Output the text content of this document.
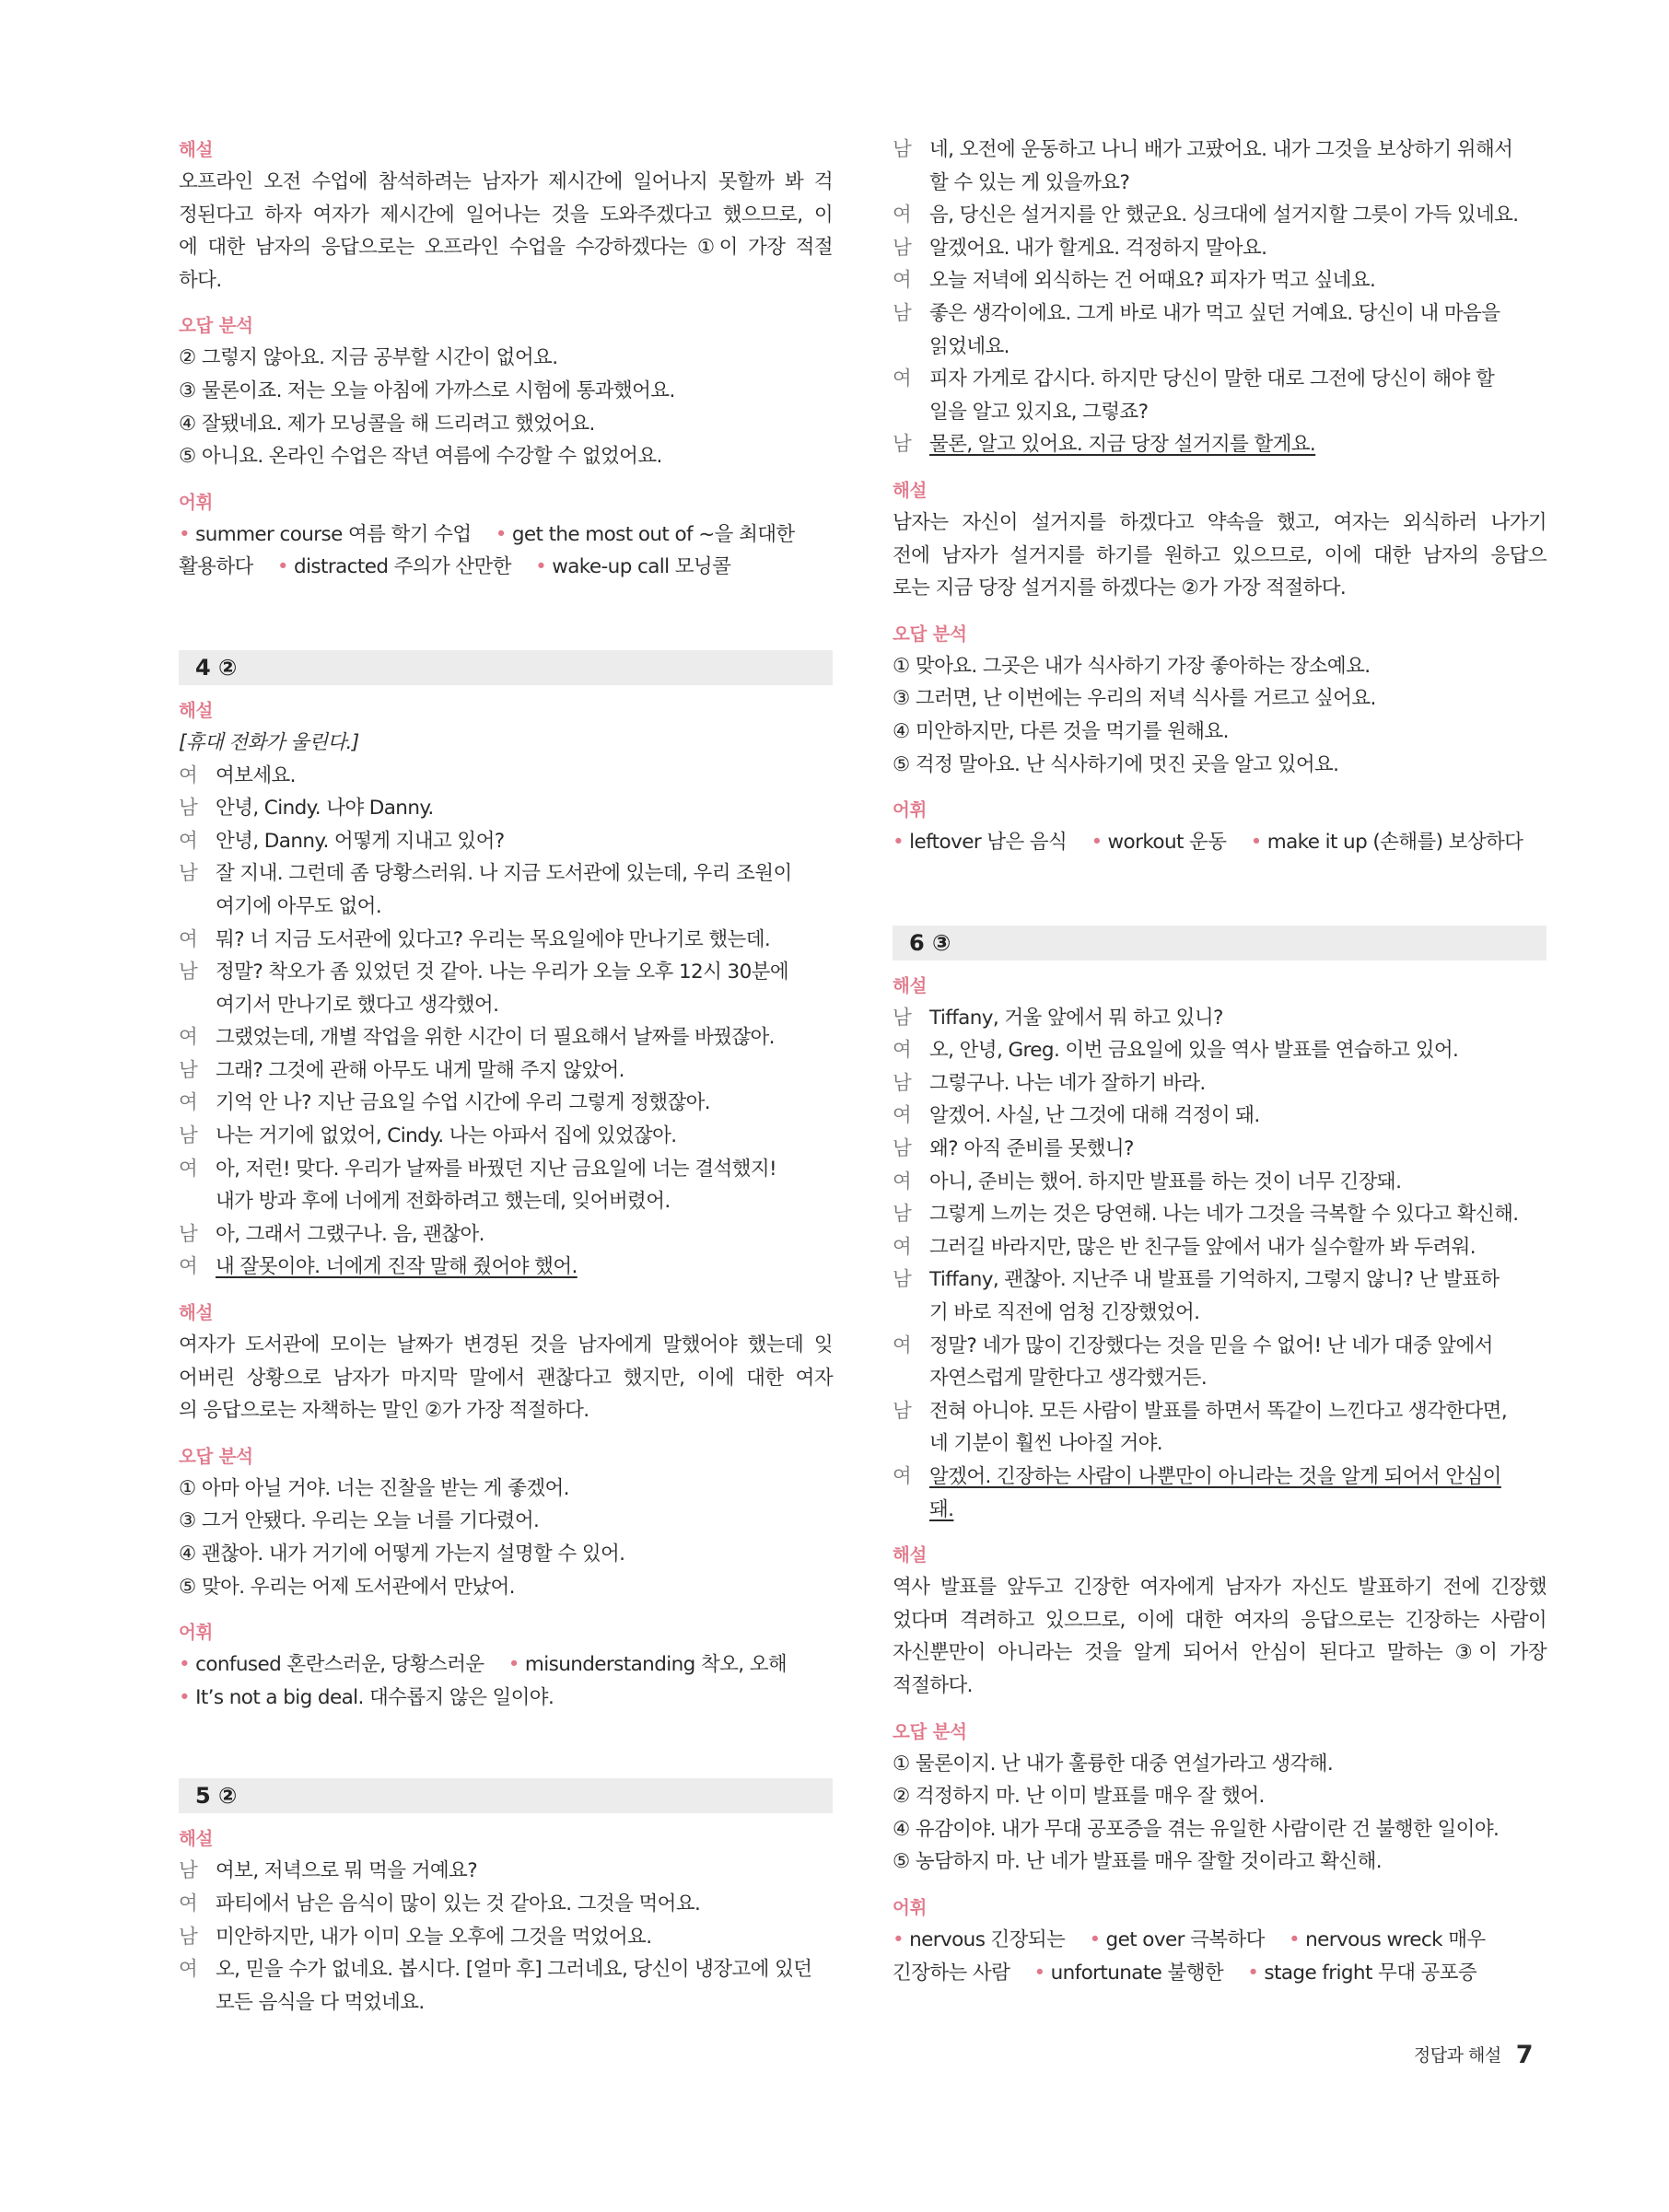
해설

오프라인 오전 수업에 참석하려는 남자가 제시간에 일어나지 못할까 봐 걱

정된다고 하자 여자가 제시간에 일어나는 것을 도와주겠다고 했으므로, 이

에 대한 남자의 응답으로는 오프라인 수업을 수강하겠다는 ①이 가장 적절

하다.

오답 분석

② 그렇지 않아요. 지금 공부할 시간이 없어요.

③ 물론이죠. 저는 오늘 아침에 가까스로 시험에 통과했어요.

④ 잘됐네요. 제가 모닝콜을 해 드리려고 했었어요.

⑤ 아니요. 온라인 수업은 작년 여름에 수강할 수 없었어요.

어휘

• summer course 여름 학기 수업 • get the most out of ~을 최대한

활용하다 • distracted 주의가 산만한 • wake-up call 모닝콜

4 ②
해설

[휴대 전화가 울린다.]

여 여보세요.
남 안녕, Cindy. 나야 Danny.
여 안녕, Danny. 어떻게 지내고 있어?
남 잘 지내. 그런데 좀 당황스러워. 나 지금 도서관에 있는데, 우리 조원이
여기에 아무도 없어.
여 뭐? 너 지금 도서관에 있다고? 우리는 목요일에야 만나기로 했는데.
남 정말? 착오가 좀 있었던 것 같아. 나는 우리가 오늘 오후 12시 30분에
여기서 만나기로 했다고 생각했어.
여 그랬었는데, 개별 작업을 위한 시간이 더 필요해서 날짜를 바꿨잖아.
남 그래? 그것에 관해 아무도 내게 말해 주지 않았어.
여 기억 안 나? 지난 금요일 수업 시간에 우리 그렇게 정했잖아.
남 나는 거기에 없었어, Cindy. 나는 아파서 집에 있었잖아.
여 아, 저런! 맞다. 우리가 날짜를 바꿨던 지난 금요일에 너는 결석했지!
내가 방과 후에 너에게 전화하려고 했는데, 잊어버렸어.
남 아, 그래서 그랬구나. 음, 괜찮아.
여 내 잘못이야. 너에게 진작 말해 줬어야 했어.
해설

여자가 도서관에 모이는 날짜가 변경된 것을 남자에게 말했어야 했는데 잊

어버린 상황으로 남자가 마지막 말에서 괜찮다고 했지만, 이에 대한 여자

의 응답으로는 자책하는 말인 ②가 가장 적절하다.

오답 분석

① 아마 아닐 거야. 너는 진찰을 받는 게 좋겠어.

③ 그거 안됐다. 우리는 오늘 너를 기다렸어.

④ 괜찮아. 내가 거기에 어떻게 가는지 설명할 수 있어.

⑤ 맞아. 우리는 어제 도서관에서 만났어.

어휘

• confused 혼란스러운, 당황스러운 • misunderstanding 착오, 오해

• It’s not a big deal. 대수롭지 않은 일이야.

5 ②
해설
남 여보, 저녁으로 뭐 먹을 거예요?
여 파티에서 남은 음식이 많이 있는 것 같아요. 그것을 먹어요.
남 미안하지만, 내가 이미 오늘 오후에 그것을 먹었어요.
여 오, 믿을 수가 없네요. 봅시다. [얼마 후] 그러네요, 당신이 냉장고에 있던
모든 음식을 다 먹었네요.
남 네, 오전에 운동하고 나니 배가 고팠어요. 내가 그것을 보상하기 위해서
할 수 있는 게 있을까요?
여 음, 당신은 설거지를 안 했군요. 싱크대에 설거지할 그릇이 가득 있네요.
남 알겠어요. 내가 할게요. 걱정하지 말아요.
여 오늘 저녁에 외식하는 건 어때요? 피자가 먹고 싶네요.
남 좋은 생각이에요. 그게 바로 내가 먹고 싶던 거예요. 당신이 내 마음을
읽었네요.
여 피자 가게로 갑시다. 하지만 당신이 말한 대로 그전에 당신이 해야 할
일을 알고 있지요, 그렇죠?
남 물론, 알고 있어요. 지금 당장 설거지를 할게요.
해설

남자는 자신이 설거지를 하겠다고 약속을 했고, 여자는 외식하러 나가기

전에 남자가 설거지를 하기를 원하고 있으므로, 이에 대한 남자의 응답으

로는 지금 당장 설거지를 하겠다는 ②가 가장 적절하다.

오답 분석

① 맞아요. 그곳은 내가 식사하기 가장 좋아하는 장소예요.

③ 그러면, 난 이번에는 우리의 저녁 식사를 거르고 싶어요.

④ 미안하지만, 다른 것을 먹기를 원해요.

⑤ 걱정 말아요. 난 식사하기에 멋진 곳을 알고 있어요.

어휘

• leftover 남은 음식 • workout 운동 • make it up (손해를) 보상하다

6 ③
해설
남 Tiffany, 거울 앞에서 뭐 하고 있니?
여 오, 안녕, Greg. 이번 금요일에 있을 역사 발표를 연습하고 있어.
남 그렇구나. 나는 네가 잘하기 바라.
여 알겠어. 사실, 난 그것에 대해 걱정이 돼.
남 왜? 아직 준비를 못했니?
여 아니, 준비는 했어. 하지만 발표를 하는 것이 너무 긴장돼.
남 그렇게 느끼는 것은 당연해. 나는 네가 그것을 극복할 수 있다고 확신해.
여 그러길 바라지만, 많은 반 친구들 앞에서 내가 실수할까 봐 두려워.
남 Tiffany, 괜찮아. 지난주 내 발표를 기억하지, 그렇지 않니? 난 발표하
기 바로 직전에 엄청 긴장했었어.
여 정말? 네가 많이 긴장했다는 것을 믿을 수 없어! 난 네가 대중 앞에서
자연스럽게 말한다고 생각했거든.
남 전혀 아니야. 모든 사람이 발표를 하면서 똑같이 느낀다고 생각한다면,
네 기분이 훨씬 나아질 거야.
여 알겠어. 긴장하는 사람이 나뿐만이 아니라는 것을 알게 되어서 안심이
돼.
해설

역사 발표를 앞두고 긴장한 여자에게 남자가 자신도 발표하기 전에 긴장했

었다며 격려하고 있으므로, 이에 대한 여자의 응답으로는 긴장하는 사람이

자신뿐만이 아니라는 것을 알게 되어서 안심이 된다고 말하는 ③이 가장

적절하다.

오답 분석

① 물론이지. 난 내가 훌륭한 대중 연설가라고 생각해.

② 걱정하지 마. 난 이미 발표를 매우 잘 했어.

④ 유감이야. 내가 무대 공포증을 겪는 유일한 사람이란 건 불행한 일이야.

⑤ 농담하지 마. 난 네가 발표를 매우 잘할 것이라고 확신해.

어휘

• nervous 긴장되는 • get over 극복하다 • nervous wreck 매우

긴장하는 사람 • unfortunate 불행한 • stage fright 무대 공포증

정답과 해설 7
